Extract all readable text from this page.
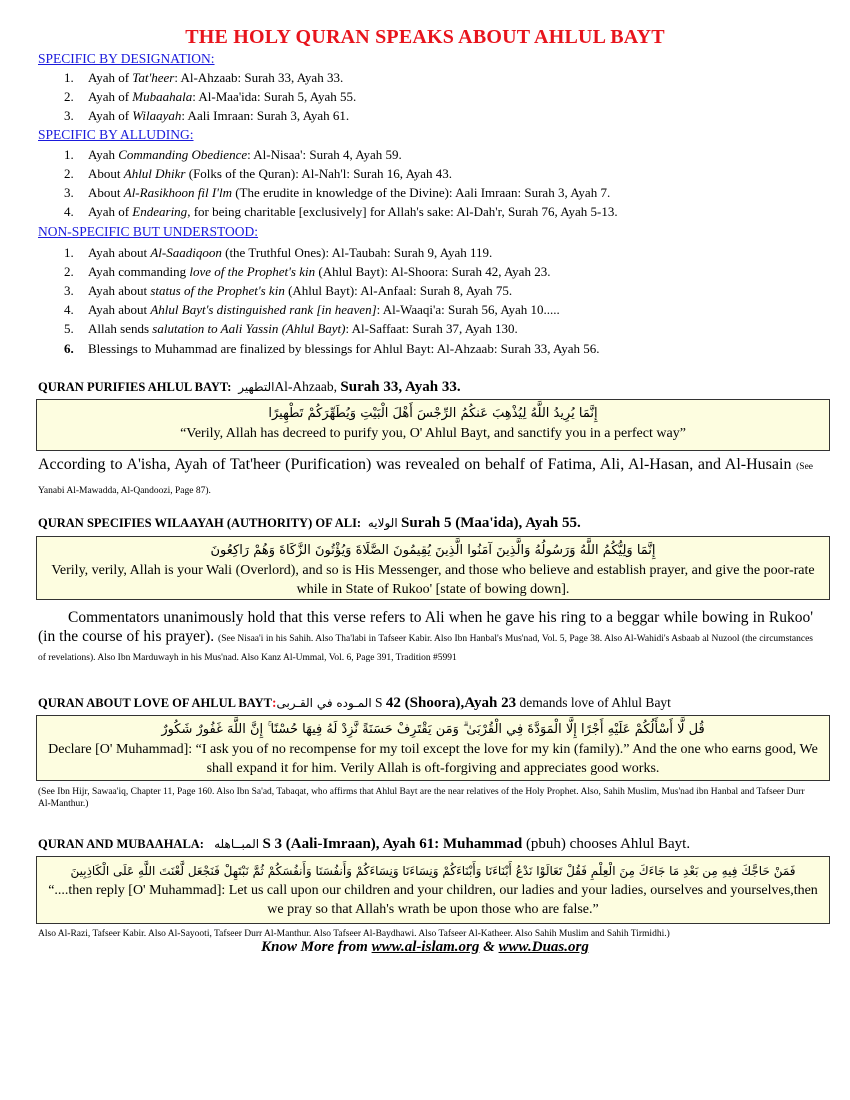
THE HOLY QURAN SPEAKS ABOUT AHLUL BAYT
SPECIFIC BY DESIGNATION:
1. Ayah of Tat'heer: Al-Ahzaab: Surah 33, Ayah 33.
2. Ayah of Mubaahala: Al-Maa'ida: Surah 5, Ayah 55.
3. Ayah of Wilaayah: Aali Imraan: Surah 3, Ayah 61.
SPECIFIC BY ALLUDING:
1. Ayah Commanding Obedience: Al-Nisaa': Surah 4, Ayah 59.
2. About Ahlul Dhikr (Folks of the Quran): Al-Nah'l: Surah 16, Ayah 43.
3. About Al-Rasikhoon fil I'lm (The erudite in knowledge of the Divine): Aali Imraan: Surah 3, Ayah 7.
4. Ayah of Endearing, for being charitable [exclusively] for Allah's sake: Al-Dah'r, Surah 76, Ayah 5-13.
NON-SPECIFIC BUT UNDERSTOOD:
1. Ayah about Al-Saadiqoon (the Truthful Ones): Al-Taubah: Surah 9, Ayah 119.
2. Ayah commanding love of the Prophet's kin (Ahlul Bayt): Al-Shoora: Surah 42, Ayah 23.
3. Ayah about status of the Prophet's kin (Ahlul Bayt): Al-Anfaal: Surah 8, Ayah 75.
4. Ayah about Ahlul Bayt's distinguished rank [in heaven]: Al-Waaqi'a: Surah 56, Ayah 10.....
5. Allah sends salutation to Aali Yassin (Ahlul Bayt): Al-Saffaat: Surah 37, Ayah 130.
6. Blessings to Muhammad are finalized by blessings for Ahlul Bayt: Al-Ahzaab: Surah 33, Ayah 56.
QURAN PURIFIES AHLUL BAYT: التطهيرAl-Ahzaab, Surah 33, Ayah 33.
إِنَّمَا يُرِيدُ اللَّهُ لِيُذْهِبَ عَنكُمُ الرِّجْسَ أَهْلَ الْبَيْتِ وَيُطَهِّرَكُمْ تَطْهِيرًا
“Verily, Allah has decreed to purify you, O' Ahlul Bayt, and sanctify you in a perfect way”
According to A'isha, Ayah of Tat'heer (Purification) was revealed on behalf of Fatima, Ali, Al-Hasan, and Al-Husain (See Yanabi Al-Mawadda, Al-Qandoozi, Page 87).
QURAN SPECIFIES WILAAYAH (AUTHORITY) OF ALI: الولايه Surah 5 (Maa'ida), Ayah 55.
إِنَّمَا وَلِيُّكُمُ اللَّهُ وَرَسُولُهُ وَالَّذِينَ آمَنُوا الَّذِينَ يُقِيمُونَ الصَّلَاةَ وَيُؤْتُونَ الزَّكَاةَ وَهُمْ رَاكِعُونَ
Verily, verily, Allah is your Wali (Overlord), and so is His Messenger, and those who believe and establish prayer, and give the poor-rate while in State of Rukoo' [state of bowing down].
Commentators unanimously hold that this verse refers to Ali when he gave his ring to a beggar while bowing in Rukoo' (in the course of his prayer). (See Nisaa'i in his Sahih. Also Tha'labi in Tafseer Kabir. Also Ibn Hanbal's Mus'nad, Vol. 5, Page 38. Also Al-Wahidi's Asbaab al Nuzool (the circumstances of revelations). Also Ibn Marduwayh in his Mus'nad. Also Kanz Al-Ummal, Vol. 6, Page 391, Tradition #5991
QURAN ABOUT LOVE OF AHLUL BAYT:المـوده في القـربى S 42 (Shoora),Ayah 23 demands love of Ahlul Bayt
قُل لَّا أَسْأَلُكُمْ عَلَيْهِ أَجْرًا إِلَّا الْمَوَدَّةَ فِي الْقُرْبَىٰ ۗ وَمَن يَقْتَرِفْ حَسَنَةً نَّزِدْ لَهُ فِيهَا حُسْنًا ۚ إِنَّ اللَّهَ غَفُورٌ شَكُورٌ
Declare [O' Muhammad]: “I ask you of no recompense for my toil except the love for my kin (family).” And the one who earns good, We shall expand it for him. Verily Allah is oft-forgiving and appreciates good works.
(See Ibn Hijr, Sawaa'iq, Chapter 11, Page 160. Also Ibn Sa'ad, Tabaqat, who affirms that Ahlul Bayt are the near relatives of the Holy Prophet. Also, Sahih Muslim, Mus'nad ibn Hanbal and Tafseer Durr Al-Manthur.)
QURAN AND MUBAAHALA: المبــاهله S 3 (Aali-Imraan), Ayah 61: Muhammad (pbuh) chooses Ahlul Bayt.
فَمَنْ حَاجَّكَ فِيهِ مِن بَعْدِ مَا جَاءَكَ مِنَ الْعِلْمِ فَقُلْ تَعَالَوْا نَدْعُ أَبْنَاءَنَا وَأَبْنَاءَكُمْ وَنِسَاءَنَا وَنِسَاءَكُمْ وَأَنفُسَنَا وَأَنفُسَكُمْ ثُمَّ نَبْتَهِلْ فَنَجْعَل لَّعْنَتَ اللَّهِ عَلَى الْكَاذِبِينَ
“....then reply [O' Muhammad]: Let us call upon our children and your children, our ladies and your ladies, ourselves and yourselves,then we pray so that Allah's wrath be upon those who are false.”
Also Al-Razi, Tafseer Kabir. Also Al-Sayooti, Tafseer Durr Al-Manthur. Also Tafseer Al-Baydhawi. Also Tafseer Al-Katheer. Also Sahih Muslim and Sahih Tirmidhi.)
Know More from www.al-islam.org & www.Duas.org
